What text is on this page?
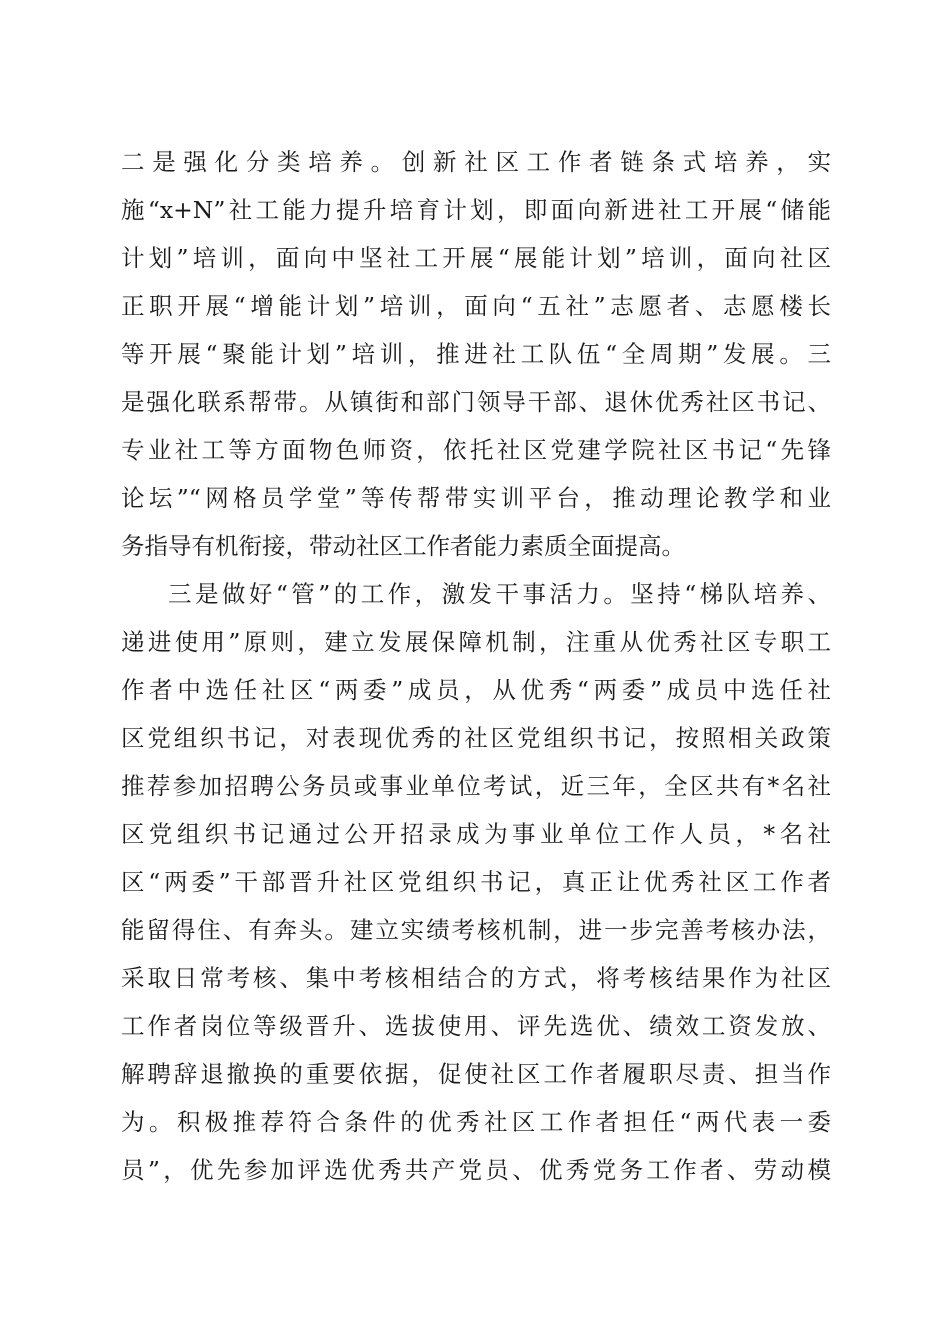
二是强化分类培养。创新社区工作者链条式培养，实
施“x+N”社工能力提升培育计划，即面向新进社工开展“储能
计划”培训，面向中坚社工开展“展能计划”培训，面向社区
正职开展“增能计划”培训，面向“五社”志愿者、志愿楼长
等开展“聚能计划”培训，推进社工队伍“全周期”发展。三
是强化联系帮带。从镇街和部门领导干部、退休优秀社区书记、
专业社工等方面物色师资，依托社区党建学院社区书记“先锋
论坛”“网格员学堂”等传帮带实训平台，推动理论教学和业
务指导有机衔接，带动社区工作者能力素质全面提高。
三是做好“管”的工作，激发干事活力。坚持“梯队培养、
递进使用”原则，建立发展保障机制，注重从优秀社区专职工
作者中选任社区“两委”成员，从优秀“两委”成员中选任社
区党组织书记，对表现优秀的社区党组织书记，按照相关政策
推荐参加招聘公务员或事业单位考试，近三年，全区共有*名社
区党组织书记通过公开招录成为事业单位工作人员，*名社
区“两委”干部晋升社区党组织书记，真正让优秀社区工作者
能留得住、有奔头。建立实绩考核机制，进一步完善考核办法，
采取日常考核、集中考核相结合的方式，将考核结果作为社区
工作者岗位等级晋升、选拔使用、评先选优、绩效工资发放、
解聘辞退撤换的重要依据，促使社区工作者履职尽责、担当作
为。积极推荐符合条件的优秀社区工作者担任“两代表一委
员”，优先参加评选优秀共产党员、优秀党务工作者、劳动模
